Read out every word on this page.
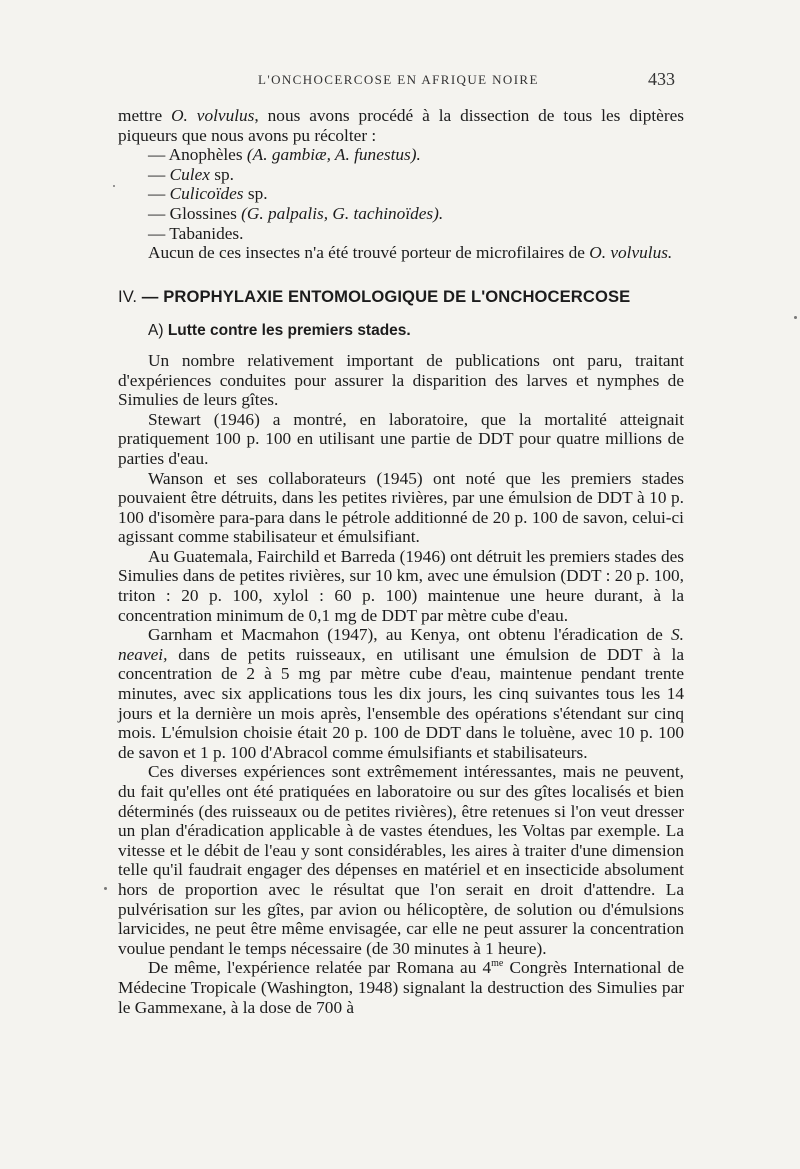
L'ONCHOCERCOSE EN AFRIQUE NOIRE	433

mettre O. volvulus, nous avons procédé à la dissection de tous les diptères piqueurs que nous avons pu récolter :

— Anophèles (A. gambiæ, A. funestus).
— Culex sp.
— Culicoïdes sp.
— Glossines (G. palpalis, G. tachinoïdes).
— Tabanides.

Aucun de ces insectes n'a été trouvé porteur de microfilaires de O. volvulus.

IV. — PROPHYLAXIE ENTOMOLOGIQUE DE L'ONCHOCERCOSE
A) Lutte contre les premiers stades.

Un nombre relativement important de publications ont paru, traitant d'expériences conduites pour assurer la disparition des larves et nymphes de Simulies de leurs gîtes.

Stewart (1946) a montré, en laboratoire, que la mortalité atteignait pratiquement 100 p. 100 en utilisant une partie de DDT pour quatre millions de parties d'eau.

Wanson et ses collaborateurs (1945) ont noté que les premiers stades pouvaient être détruits, dans les petites rivières, par une émulsion de DDT à 10 p. 100 d'isomère para-para dans le pétrole additionné de 20 p. 100 de savon, celui-ci agissant comme stabilisateur et émulsifiant.

Au Guatemala, Fairchild et Barreda (1946) ont détruit les premiers stades des Simulies dans de petites rivières, sur 10 km, avec une émulsion (DDT : 20 p. 100, triton : 20 p. 100, xylol : 60 p. 100) maintenue une heure durant, à la concentration minimum de 0,1 mg de DDT par mètre cube d'eau.

Garnham et Macmahon (1947), au Kenya, ont obtenu l'éradication de S. neavei, dans de petits ruisseaux, en utilisant une émulsion de DDT à la concentration de 2 à 5 mg par mètre cube d'eau, maintenue pendant trente minutes, avec six applications tous les dix jours, les cinq suivantes tous les 14 jours et la dernière un mois après, l'ensemble des opérations s'étendant sur cinq mois. L'émulsion choisie était 20 p. 100 de DDT dans le toluène, avec 10 p. 100 de savon et 1 p. 100 d'Abracol comme émulsifiants et stabilisateurs.

Ces diverses expériences sont extrêmement intéressantes, mais ne peuvent, du fait qu'elles ont été pratiquées en laboratoire ou sur des gîtes localisés et bien déterminés (des ruisseaux ou de petites rivières), être retenues si l'on veut dresser un plan d'éradication applicable à de vastes étendues, les Voltas par exemple. La vitesse et le débit de l'eau y sont considérables, les aires à traiter d'une dimension telle qu'il faudrait engager des dépenses en matériel et en insecticide absolument hors de proportion avec le résultat que l'on serait en droit d'attendre. La pulvérisation sur les gîtes, par avion ou hélicoptère, de solution ou d'émulsions larvicides, ne peut être même envisagée, car elle ne peut assurer la concentration voulue pendant le temps nécessaire (de 30 minutes à 1 heure).

De même, l'expérience relatée par Romana au $4^{me}$ Congrès International de Médecine Tropicale (Washington, 1948) signalant la destruction des Simulies par le Gammexane, à la dose de 700 à
